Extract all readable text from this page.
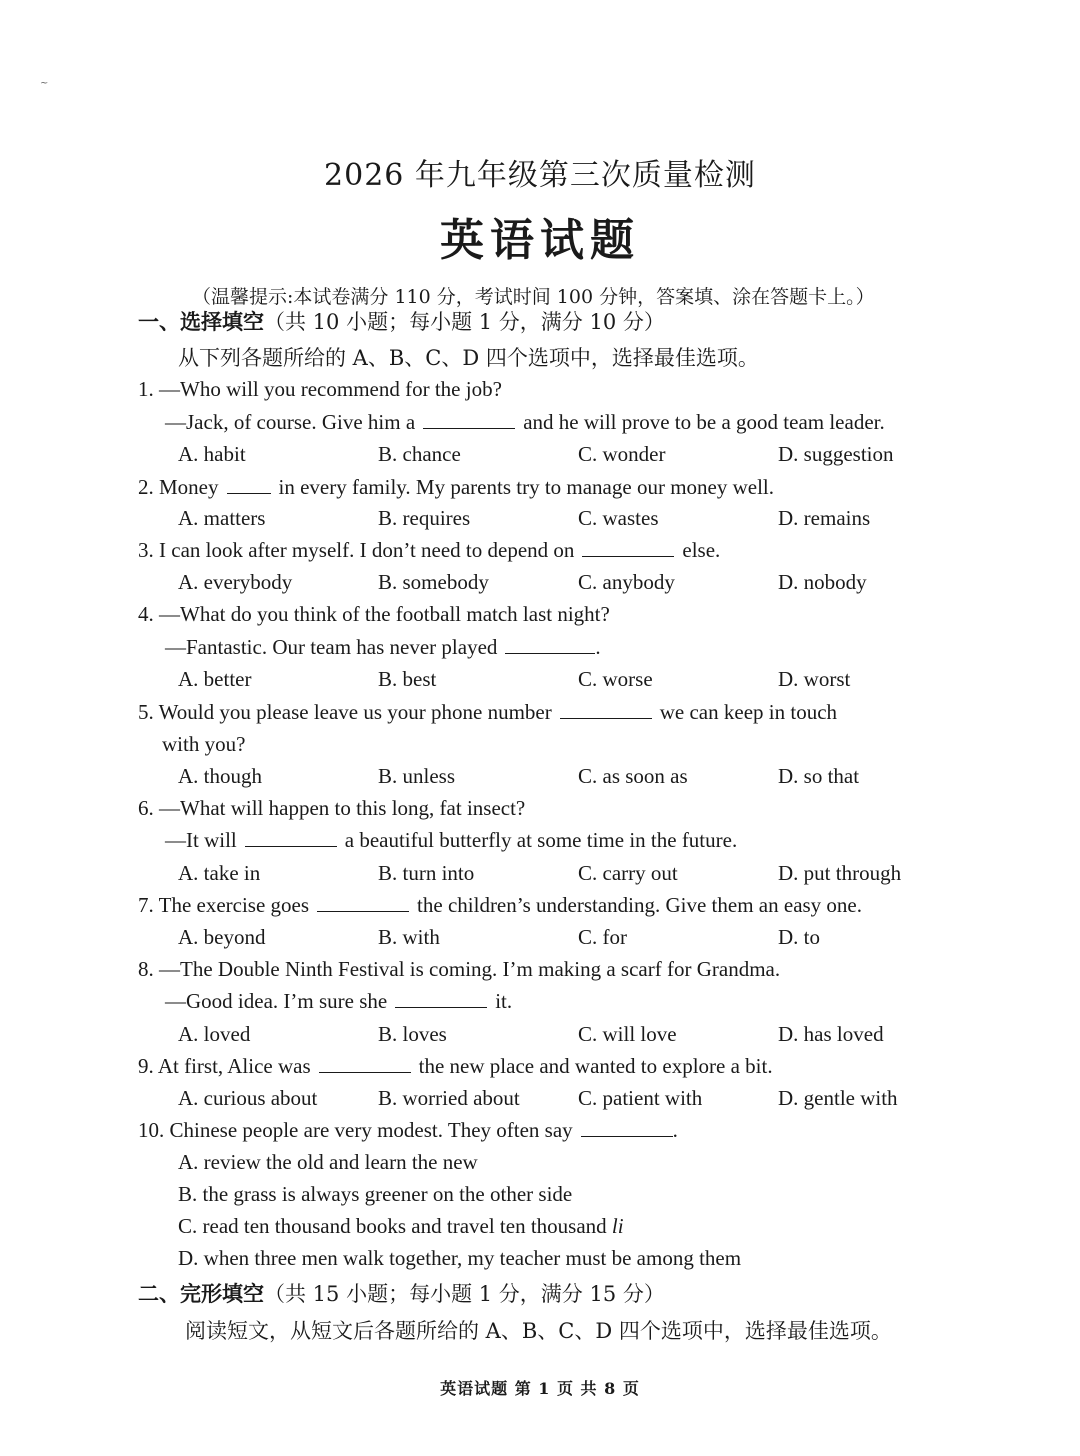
~
2026 年九年级第三次质量检测
英语试题
（温馨提示:本试卷满分 110 分，考试时间 100 分钟，答案填、涂在答题卡上。）
一、选择填空（共 10 小题；每小题 1 分，满分 10 分）
从下列各题所给的 A、B、C、D 四个选项中，选择最佳选项。
1. —Who will you recommend for the job?
—Jack, of course. Give him a	and he will prove to be a good team leader.
A. habit	B. chance	C. wonder	D. suggestion
2. Money	in every family. My parents try to manage our money well.
A. matters	B. requires	C. wastes	D. remains
3. I can look after myself. I don’t need to depend on	else.
A. everybody	B. somebody	C. anybody	D. nobody
4. —What do you think of the football match last night?
—Fantastic. Our team has never played	.
A. better	B. best	C. worse	D. worst
5. Would you please leave us your phone number	we can keep in touch
with you?
A. though	B. unless	C. as soon as	D. so that
6. —What will happen to this long, fat insect?
—It will	a beautiful butterfly at some time in the future.
A. take in	B. turn into	C. carry out	D. put through
7. The exercise goes	the children’s understanding. Give them an easy one.
A. beyond	B. with	C. for	D. to
8. —The Double Ninth Festival is coming. I’m making a scarf for Grandma.
—Good idea. I’m sure she	it.
A. loved	B. loves	C. will love	D. has loved
9. At first, Alice was	the new place and wanted to explore a bit.
A. curious about	B. worried about	C. patient with	D. gentle with
10. Chinese people are very modest. They often say	.
A. review the old and learn the new
B. the grass is always greener on the other side
C. read ten thousand books and travel ten thousand li
D. when three men walk together, my teacher must be among them
二、完形填空（共 15 小题；每小题 1 分，满分 15 分）
阅读短文，从短文后各题所给的 A、B、C、D 四个选项中，选择最佳选项。
英语试题 第 1 页 共 8 页
